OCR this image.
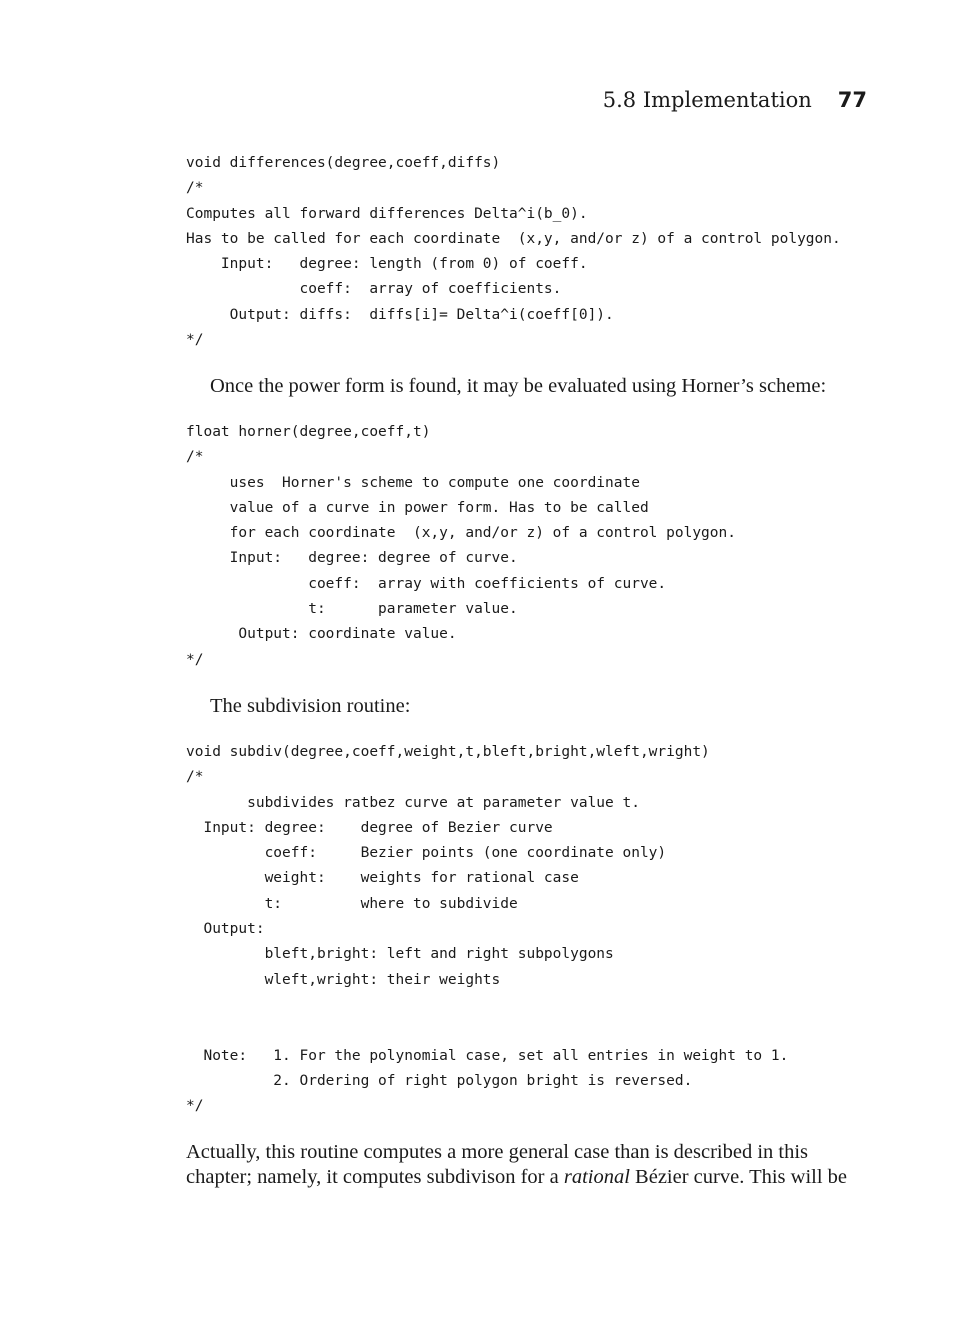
5.8 Implementation 77
void differences(degree,coeff,diffs)
/*
Computes all forward differences Delta^i(b_0).
Has to be called for each coordinate  (x,y, and/or z) of a control polygon.
Input:   degree: length (from 0) of coeff.
coeff:  array of coefficients.
Output: diffs:  diffs[i]= Delta^i(coeff[0]).
*/

Once the power form is found, it may be evaluated using Horner’s scheme:

float horner(degree,coeff,t)
/*
uses  Horner's scheme to compute one coordinate
value of a curve in power form. Has to be called
for each coordinate  (x,y, and/or z) of a control polygon.
Input:   degree: degree of curve.
coeff:  array with coefficients of curve.
t:      parameter value.
Output: coordinate value.
*/

The subdivision routine:

void subdiv(degree,coeff,weight,t,bleft,bright,wleft,wright)
/*
subdivides ratbez curve at parameter value t.
Input: degree:    degree of Bezier curve
coeff:     Bezier points (one coordinate only)
weight:    weights for rational case
t:         where to subdivide
Output:
bleft,bright: left and right subpolygons
wleft,wright: their weights

Note:   1. For the polynomial case, set all entries in weight to 1.
2. Ordering of right polygon bright is reversed.
*/

Actually, this routine computes a more general case than is described in this

chapter; namely, it computes subdivison for a rational Bézier curve. This will be
